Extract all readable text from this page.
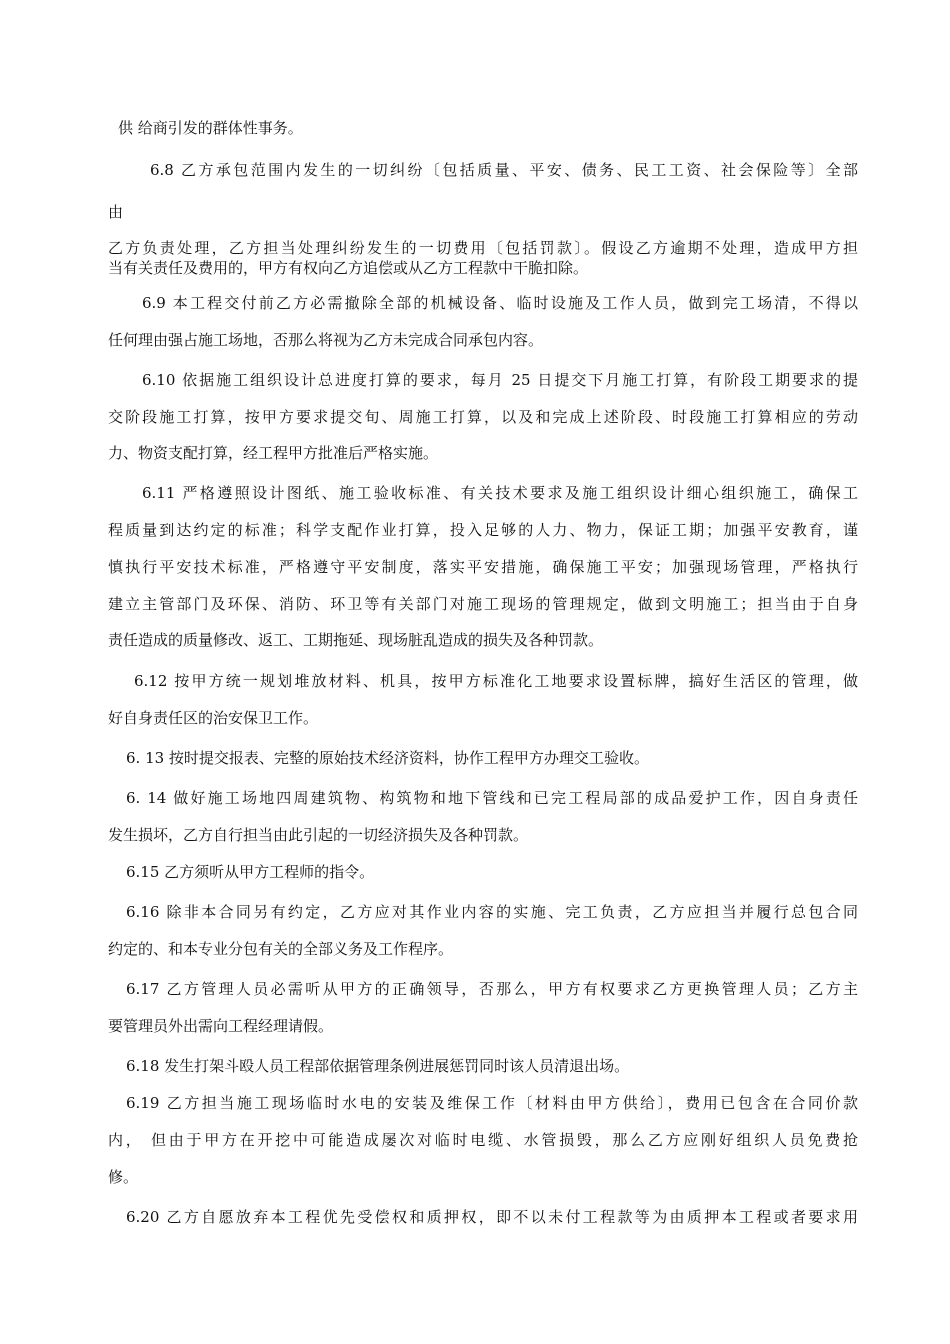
供 给商引发的群体性事务。
6.8 乙方承包范围内发生的一切纠纷〔包括质量、平安、债务、民工工资、社会保险等〕全部
由
乙方负责处理，乙方担当处理纠纷发生的一切费用〔包括罚款〕。假设乙方逾期不处理，造成甲方担
当有关责任及费用的，甲方有权向乙方追偿或从乙方工程款中干脆扣除。
6.9 本工程交付前乙方必需撤除全部的机械设备、临时设施及工作人员，做到完工场清，不得以
任何理由强占施工场地，否那么将视为乙方未完成合同承包内容。
6.10 依据施工组织设计总进度打算的要求，每月 25 日提交下月施工打算，有阶段工期要求的提
交阶段施工打算，按甲方要求提交旬、周施工打算，以及和完成上述阶段、时段施工打算相应的劳动
力、物资支配打算，经工程甲方批准后严格实施。
6.11 严格遵照设计图纸、施工验收标准、有关技术要求及施工组织设计细心组织施工，确保工
程质量到达约定的标准；科学支配作业打算，投入足够的人力、物力，保证工期；加强平安教育，谨
慎执行平安技术标准，严格遵守平安制度，落实平安措施，确保施工平安；加强现场管理，严格执行
建立主管部门及环保、消防、环卫等有关部门对施工现场的管理规定，做到文明施工；担当由于自身
责任造成的质量修改、返工、工期拖延、现场脏乱造成的损失及各种罚款。
6.12 按甲方统一规划堆放材料、机具，按甲方标准化工地要求设置标牌，搞好生活区的管理，做
好自身责任区的治安保卫工作。
6. 13 按时提交报表、完整的原始技术经济资料，协作工程甲方办理交工验收。
6. 14 做好施工场地四周建筑物、构筑物和地下管线和已完工程局部的成品爱护工作，因自身责任
发生损坏，乙方自行担当由此引起的一切经济损失及各种罚款。
6.15 乙方须听从甲方工程师的指令。
6.16 除非本合同另有约定，乙方应对其作业内容的实施、完工负责，乙方应担当并履行总包合同
约定的、和本专业分包有关的全部义务及工作程序。
6.17 乙方管理人员必需听从甲方的正确领导，否那么，甲方有权要求乙方更换管理人员；乙方主
要管理员外出需向工程经理请假。
6.18 发生打架斗殴人员工程部依据管理条例进展惩罚同时该人员清退出场。
6.19 乙方担当施工现场临时水电的安装及维保工作〔材料由甲方供给〕，费用已包含在合同价款
内， 但由于甲方在开挖中可能造成屡次对临时电缆、水管损毁，那么乙方应刚好组织人员免费抢
修。
6.20 乙方自愿放弃本工程优先受偿权和质押权，即不以未付工程款等为由质押本工程或者要求用
